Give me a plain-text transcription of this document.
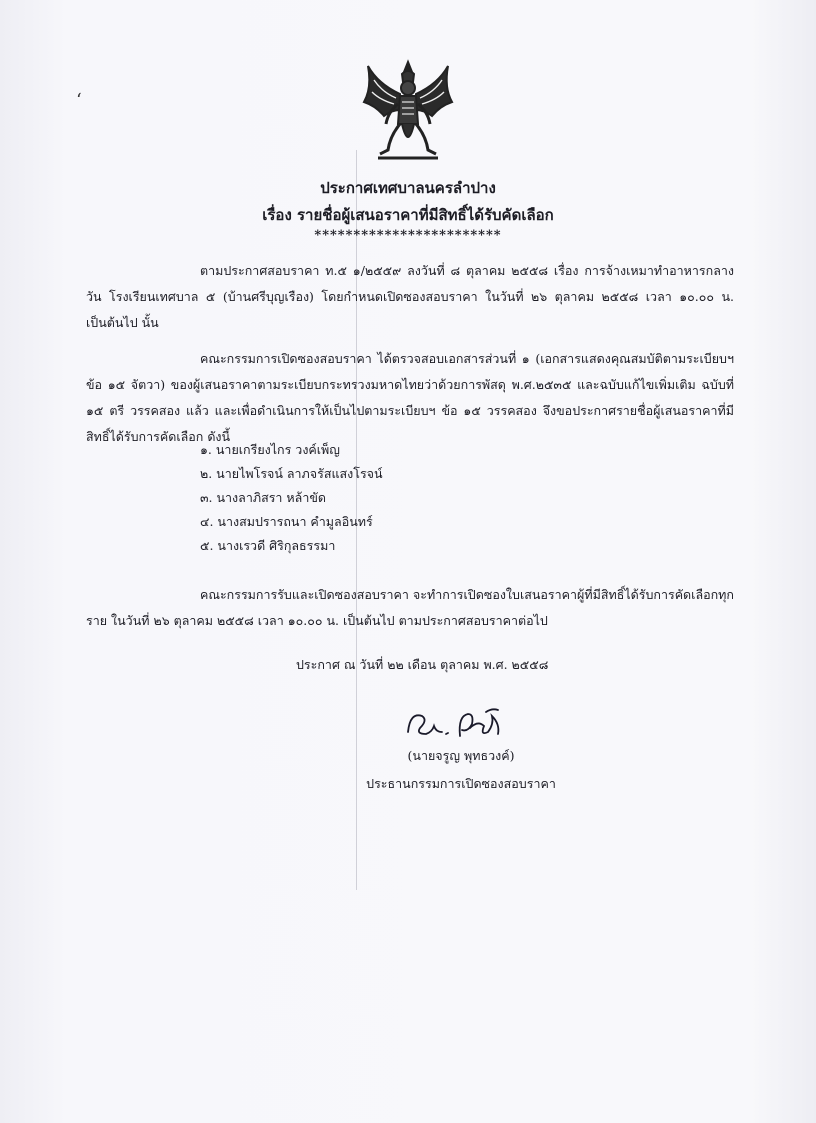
ʻ

ประกาศเทศบาลนครลำปาง

เรื่อง รายชื่อผู้เสนอราคาที่มีสิทธิ์ได้รับคัดเลือก

************************

ตามประกาศสอบราคา ท.๕ ๑/๒๕๕๙ ลงวันที่ ๘ ตุลาคม ๒๕๕๘ เรื่อง การจ้างเหมาทำอาหารกลางวัน โรงเรียนเทศบาล ๕ (บ้านศรีบุญเรือง) โดยกำหนดเปิดซองสอบราคา ในวันที่ ๒๖ ตุลาคม ๒๕๕๘ เวลา ๑๐.๐๐ น. เป็นต้นไป นั้น

คณะกรรมการเปิดซองสอบราคา ได้ตรวจสอบเอกสารส่วนที่ ๑ (เอกสารแสดงคุณสมบัติตามระเบียบฯ ข้อ ๑๕ จัตวา) ของผู้เสนอราคาตามระเบียบกระทรวงมหาดไทยว่าด้วยการพัสดุ พ.ศ.๒๕๓๕ และฉบับแก้ไขเพิ่มเติม ฉบับที่ ๑๕ ตรี วรรคสอง แล้ว และเพื่อดำเนินการให้เป็นไปตามระเบียบฯ ข้อ ๑๕ วรรคสอง จึงขอประกาศรายชื่อผู้เสนอราคาที่มีสิทธิ์ได้รับการคัดเลือก ดังนี้

๑. นายเกรียงไกร วงค์เพ็ญ
๒. นายไพโรจน์ ลาภจรัสแสงโรจน์
๓. นางลาภิสรา หล้าขัด
๔. นางสมปรารถนา คำมูลอินทร์
๕. นางเรวดี ศิริกุลธรรมา

คณะกรรมการรับและเปิดซองสอบราคา จะทำการเปิดซองใบเสนอราคาผู้ที่มีสิทธิ์ได้รับการคัดเลือกทุกราย ในวันที่ ๒๖ ตุลาคม ๒๕๕๘ เวลา ๑๐.๐๐ น. เป็นต้นไป ตามประกาศสอบราคาต่อไป

ประกาศ ณ วันที่ ๒๒ เดือน ตุลาคม พ.ศ. ๒๕๕๘

(นายจรูญ พุทธวงค์)

ประธานกรรมการเปิดซองสอบราคา
